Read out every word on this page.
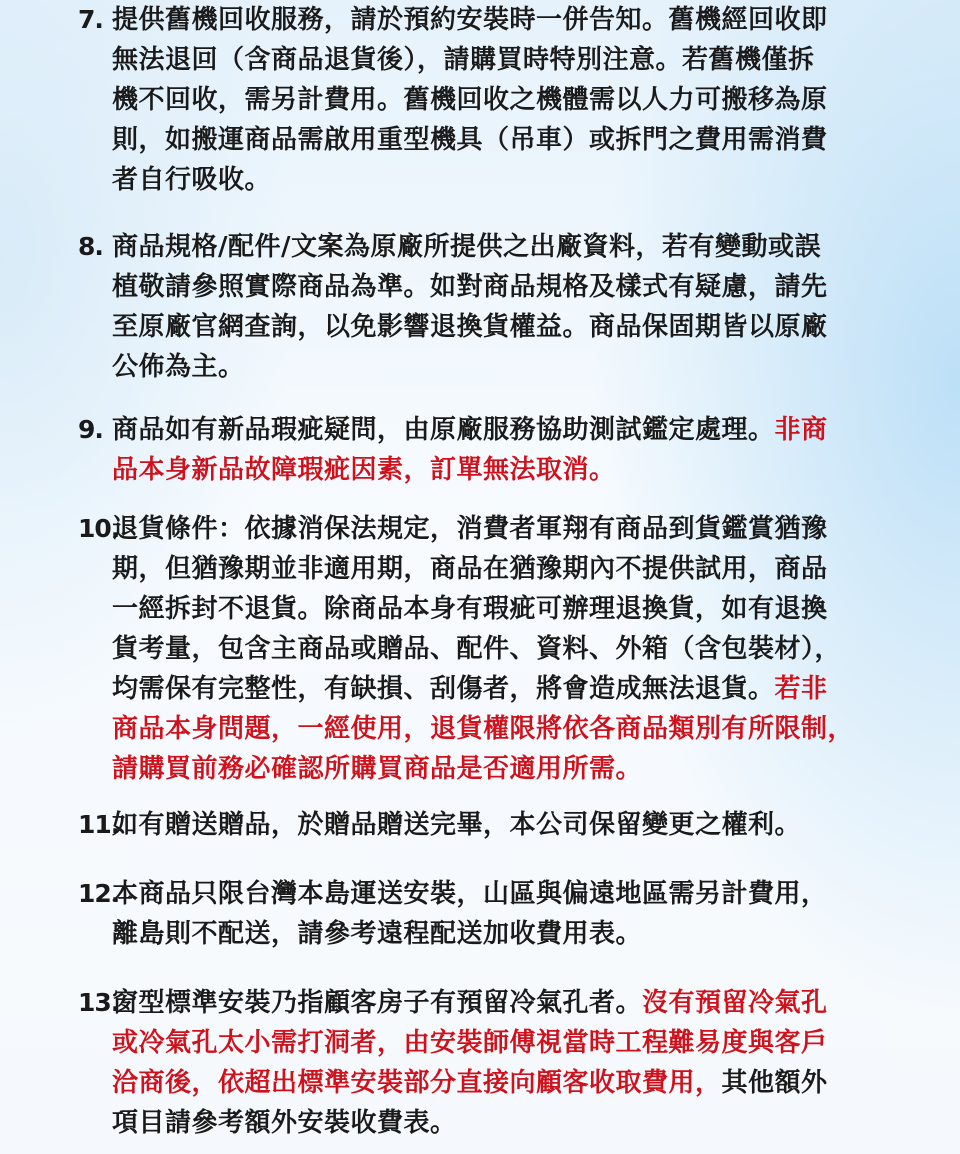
7. 提供舊機回收服務，請於預約安裝時一併告知。舊機經回收即
無法退回（含商品退貨後），請購買時特別注意。若舊機僅拆
機不回收，需另計費用。舊機回收之機體需以人力可搬移為原
則，如搬運商品需啟用重型機具（吊車）或拆門之費用需消費
者自行吸收。
8. 商品規格/配件/文案為原廠所提供之出廠資料，若有變動或誤
植敬請參照實際商品為準。如對商品規格及樣式有疑慮，請先
至原廠官網查詢，以免影響退換貨權益。商品保固期皆以原廠
公佈為主。
9. 商品如有新品瑕疵疑問，由原廠服務協助測試鑑定處理。非商
品本身新品故障瑕疵因素，訂單無法取消。
10.
退貨條件：依據消保法規定，消費者軍翔有商品到貨鑑賞猶豫
期，但猶豫期並非適用期，商品在猶豫期內不提供試用，商品
一經拆封不退貨。除商品本身有瑕疵可辦理退換貨，如有退換
貨考量，包含主商品或贈品、配件、資料、外箱（含包裝材），
均需保有完整性，有缺損、刮傷者，將會造成無法退貨。若非
商品本身問題，一經使用，退貨權限將依各商品類別有所限制，
請購買前務必確認所購買商品是否適用所需。
11.
如有贈送贈品，於贈品贈送完畢，本公司保留變更之權利。
12.
本商品只限台灣本島運送安裝，山區與偏遠地區需另計費用，
離島則不配送，請參考遠程配送加收費用表。
13.
窗型標準安裝乃指顧客房子有預留冷氣孔者。沒有預留冷氣孔
或冷氣孔太小需打洞者，由安裝師傅視當時工程難易度與客戶
洽商後，依超出標準安裝部分直接向顧客收取費用，其他額外
項目請參考額外安裝收費表。
